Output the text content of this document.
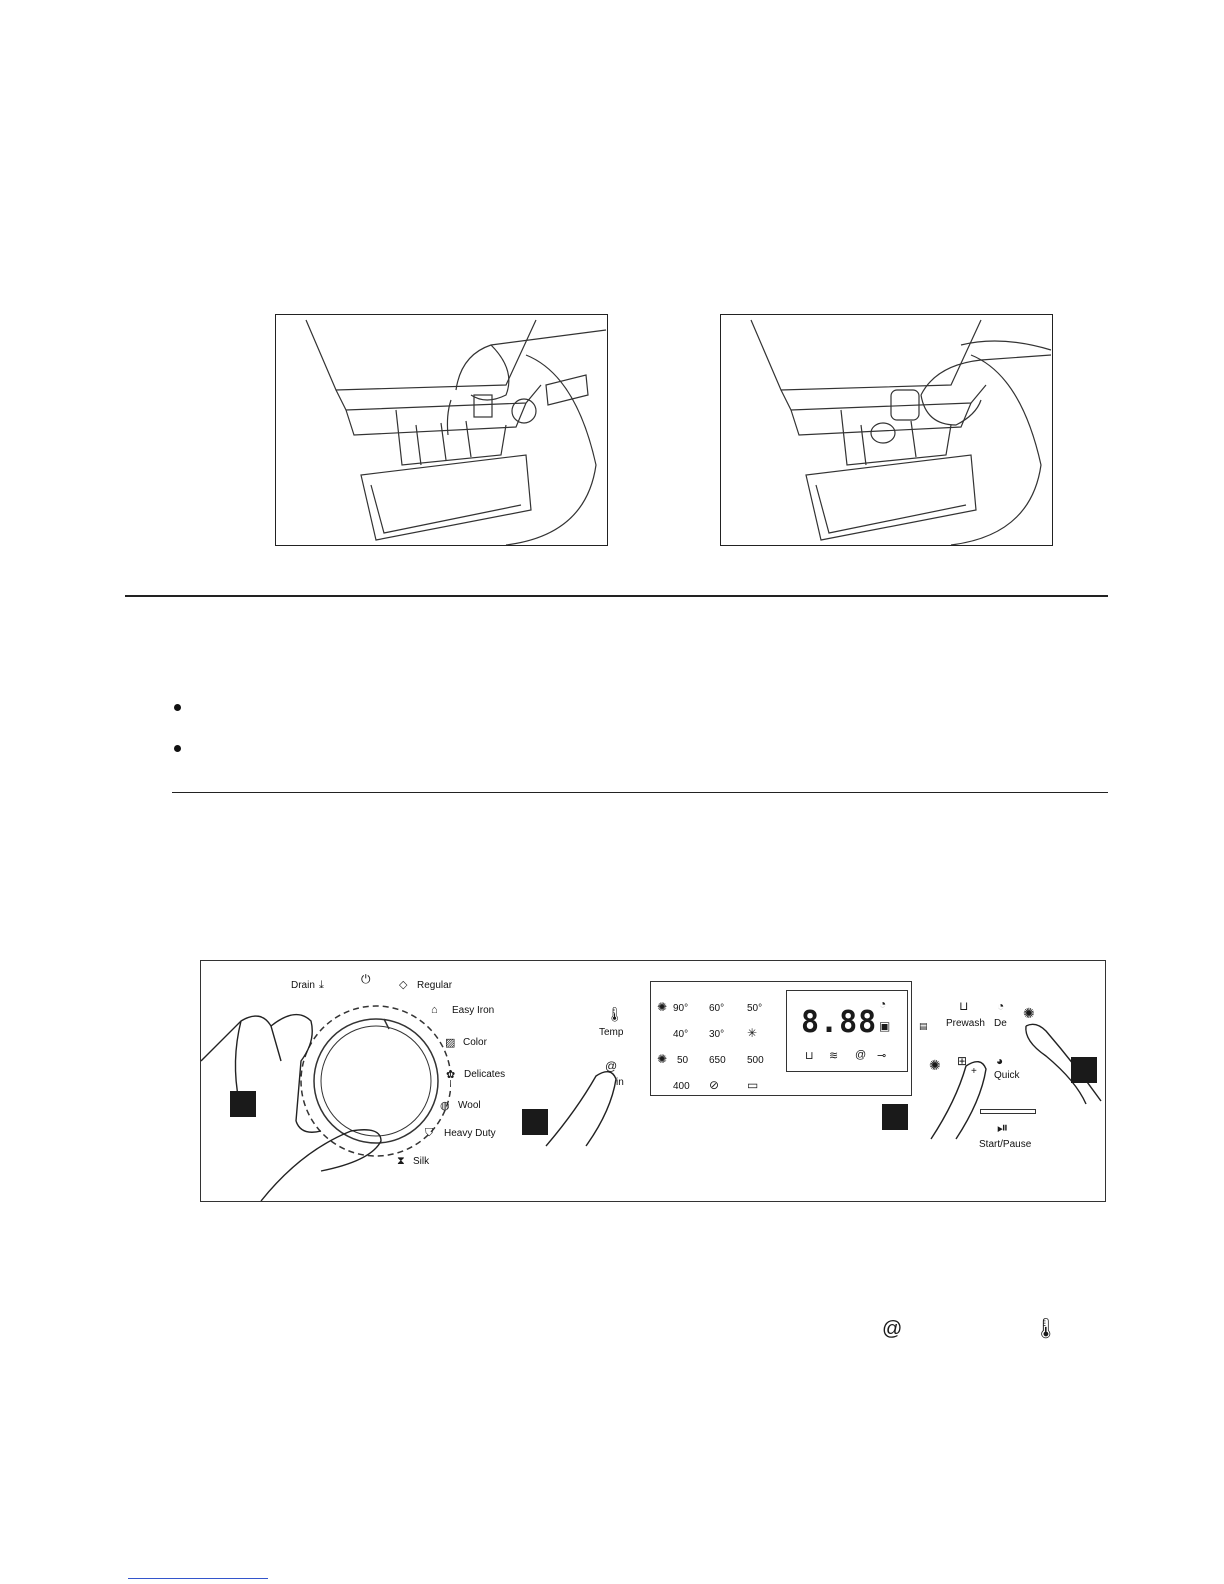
Drain	⏻	Regular
Easy Iron
Color
Delicates
Wool
Heavy Duty
Silk
⤓	◇
⌂
▨
✿
◍
⛉
⧗
🌡
Temp
@
in
90° 60° 50°
40° 30° ✳
50 650 500
400 ⊘ ▭
✺
✺
8.88
◔
▣
⊔ ≋ @ ⊸
⊔
Prewash
◔
De
✺
◕
Quick
✺ ⊞
+
▤
⏯
Start/Pause
@	🌡
